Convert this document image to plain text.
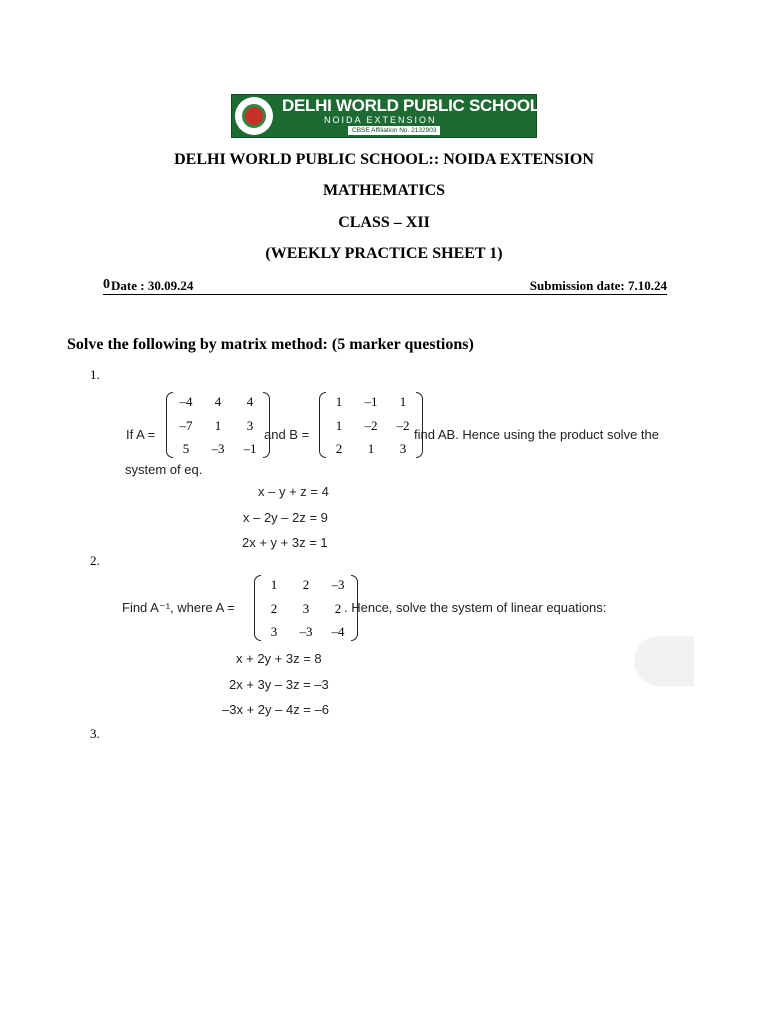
DELHI WORLD PUBLIC SCHOOL
NOIDA EXTENSION
CBSE Affiliation No. 2132903
DELHI WORLD PUBLIC SCHOOL:: NOIDA EXTENSION
MATHEMATICS
CLASS – XII
(WEEKLY PRACTICE SHEET 1)
0 Date : 30.09.24	Submission date: 7.10.24
Solve the following by matrix method: (5 marker questions)
1.
If A =
–4	4	4
–7	1	3
5	–3 –1
and B =
1	–1	1
1	–2 –2
2	1	3
find AB. Hence using the product solve the
system of eq.
x – y + z = 4
x – 2y – 2z = 9
2x + y + 3z = 1
2.
Find A⁻¹, where A =
1	2	–3
2	3	2
3	–3 –4
. Hence, solve the system of linear equations:
x + 2y + 3z = 8
2x + 3y – 3z = –3
–3x + 2y – 4z = –6
3.
